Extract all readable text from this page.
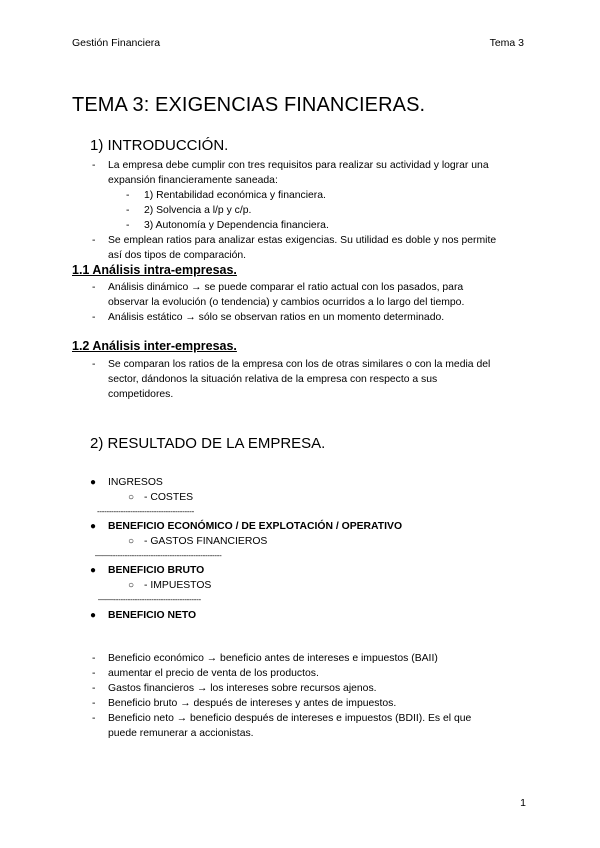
Gestión Financiera	Tema 3
TEMA 3: EXIGENCIAS FINANCIERAS.
1) INTRODUCCIÓN.
- La empresa debe cumplir con tres requisitos para realizar su actividad y lograr una
expansión financieramente saneada:
- 1) Rentabilidad económica y financiera.
- 2) Solvencia a l/p y c/p.
- 3) Autonomía y Dependencia financiera.
- Se emplean ratios para analizar estas exigencias. Su utilidad es doble y nos permite
así dos tipos de comparación.
1.1 Análisis intra-empresas.
- Análisis dinámico → se puede comparar el ratio actual con los pasados, para
observar la evolución (o tendencia) y cambios ocurridos a lo largo del tiempo.
- Análisis estático → sólo se observan ratios en un momento determinado.
1.2 Análisis inter-empresas.
- Se comparan los ratios de la empresa con los de otras similares o con la media del
sector, dándonos la situación relativa de la empresa con respecto a sus
competidores.
2) RESULTADO DE LA EMPRESA.
● INGRESOS
○ - COSTES
-----------------------------------------
● BENEFICIO ECONÓMICO / DE EXPLOTACIÓN / OPERATIVO
○ - GASTOS FINANCIEROS
——-----------------------------------------------
● BENEFICIO BRUTO
○ - IMPUESTOS
——-------------------------------------
● BENEFICIO NETO
- Beneficio económico → beneficio antes de intereses e impuestos (BAII)
- aumentar el precio de venta de los productos.
- Gastos financieros → los intereses sobre recursos ajenos.
- Beneficio bruto → después de intereses y antes de impuestos.
- Beneficio neto → beneficio después de intereses e impuestos (BDII). Es el que
puede remunerar a accionistas.
1
